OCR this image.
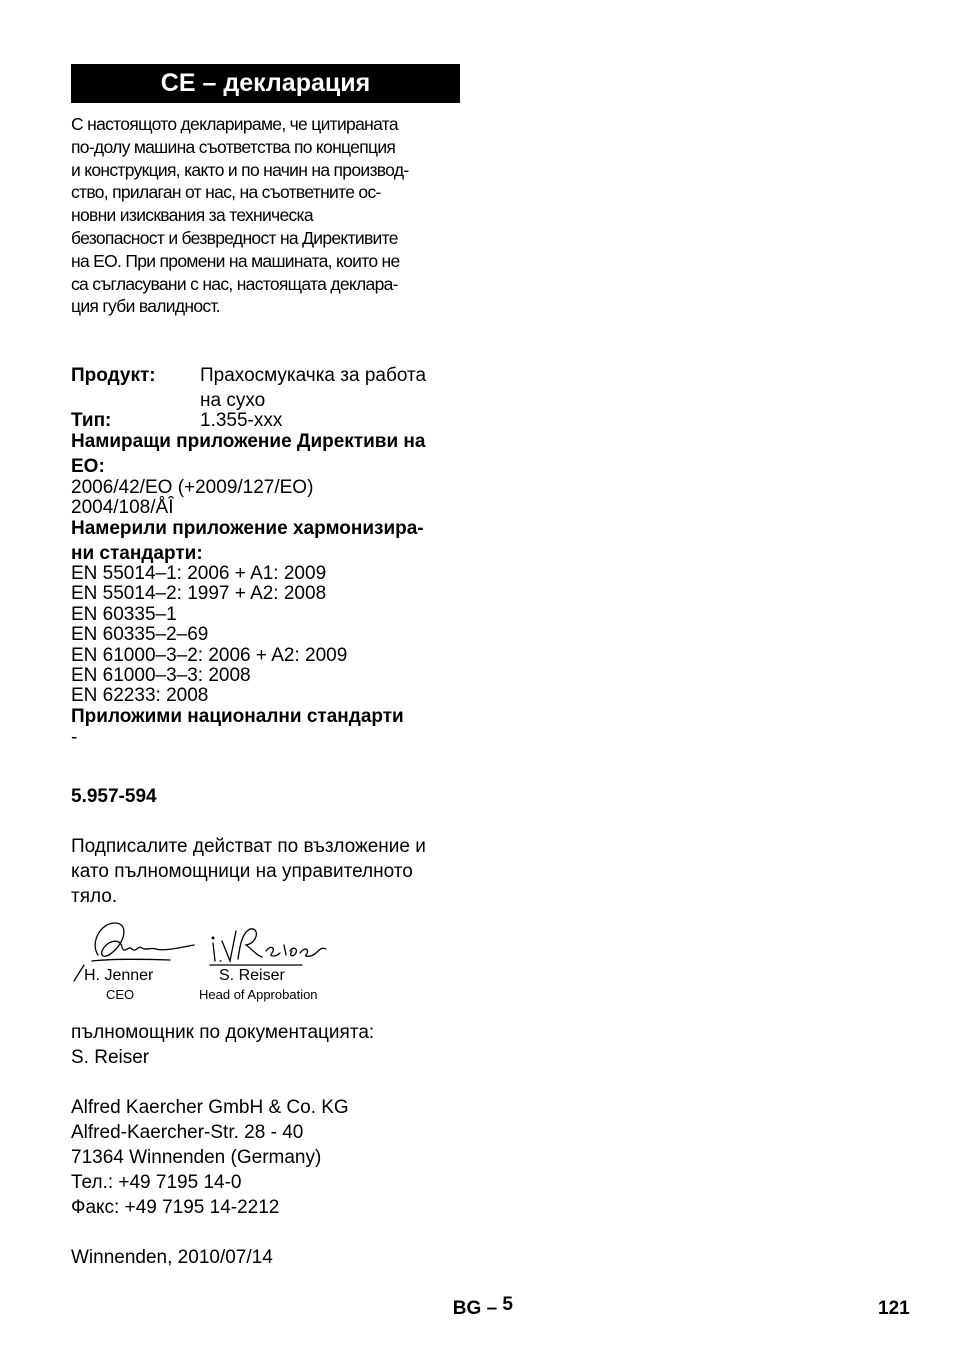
CE – декларация
С настоящото декларираме, че цитираната
по-долу машина съответства по концепция
и конструкция, както и по начин на производ-
ство, прилаган от нас, на съответните ос-
новни изисквания за техническа
безопасност и безвредност на Директивите
на ЕО. При промени на машината, които не
са съгласувани с нас, настоящата деклара-
ция губи валидност.
Продукт: Прахосмукачка за работа
на сухо
Тип:	1.355-xxx
Намиращи приложение Директиви на
ЕО:
2006/42/EO (+2009/127/EO)
2004/108/ÅÎ
Намерили приложение хармонизира-
ни стандарти:
EN 55014–1: 2006 + A1: 2009
EN 55014–2: 1997 + A2: 2008
EN 60335–1
EN 60335–2–69
EN 61000–3–2: 2006 + A2: 2009
EN 61000–3–3: 2008
EN 62233: 2008
Приложими национални стандарти
-
5.957-594
Подписалите действат по възложение и
като пълномощници на управителното
тяло.
H. Jenner
CEO
S. Reiser
Head of Approbation
пълномощник по документацията:
S. Reiser
Alfred Kaercher GmbH & Co. KG
Alfred-Kaercher-Str. 28 - 40
71364 Winnenden (Germany)
Тел.: +49 7195 14-0
Факс: +49 7195 14-2212
Winnenden, 2010/07/14
BG – 5	121
